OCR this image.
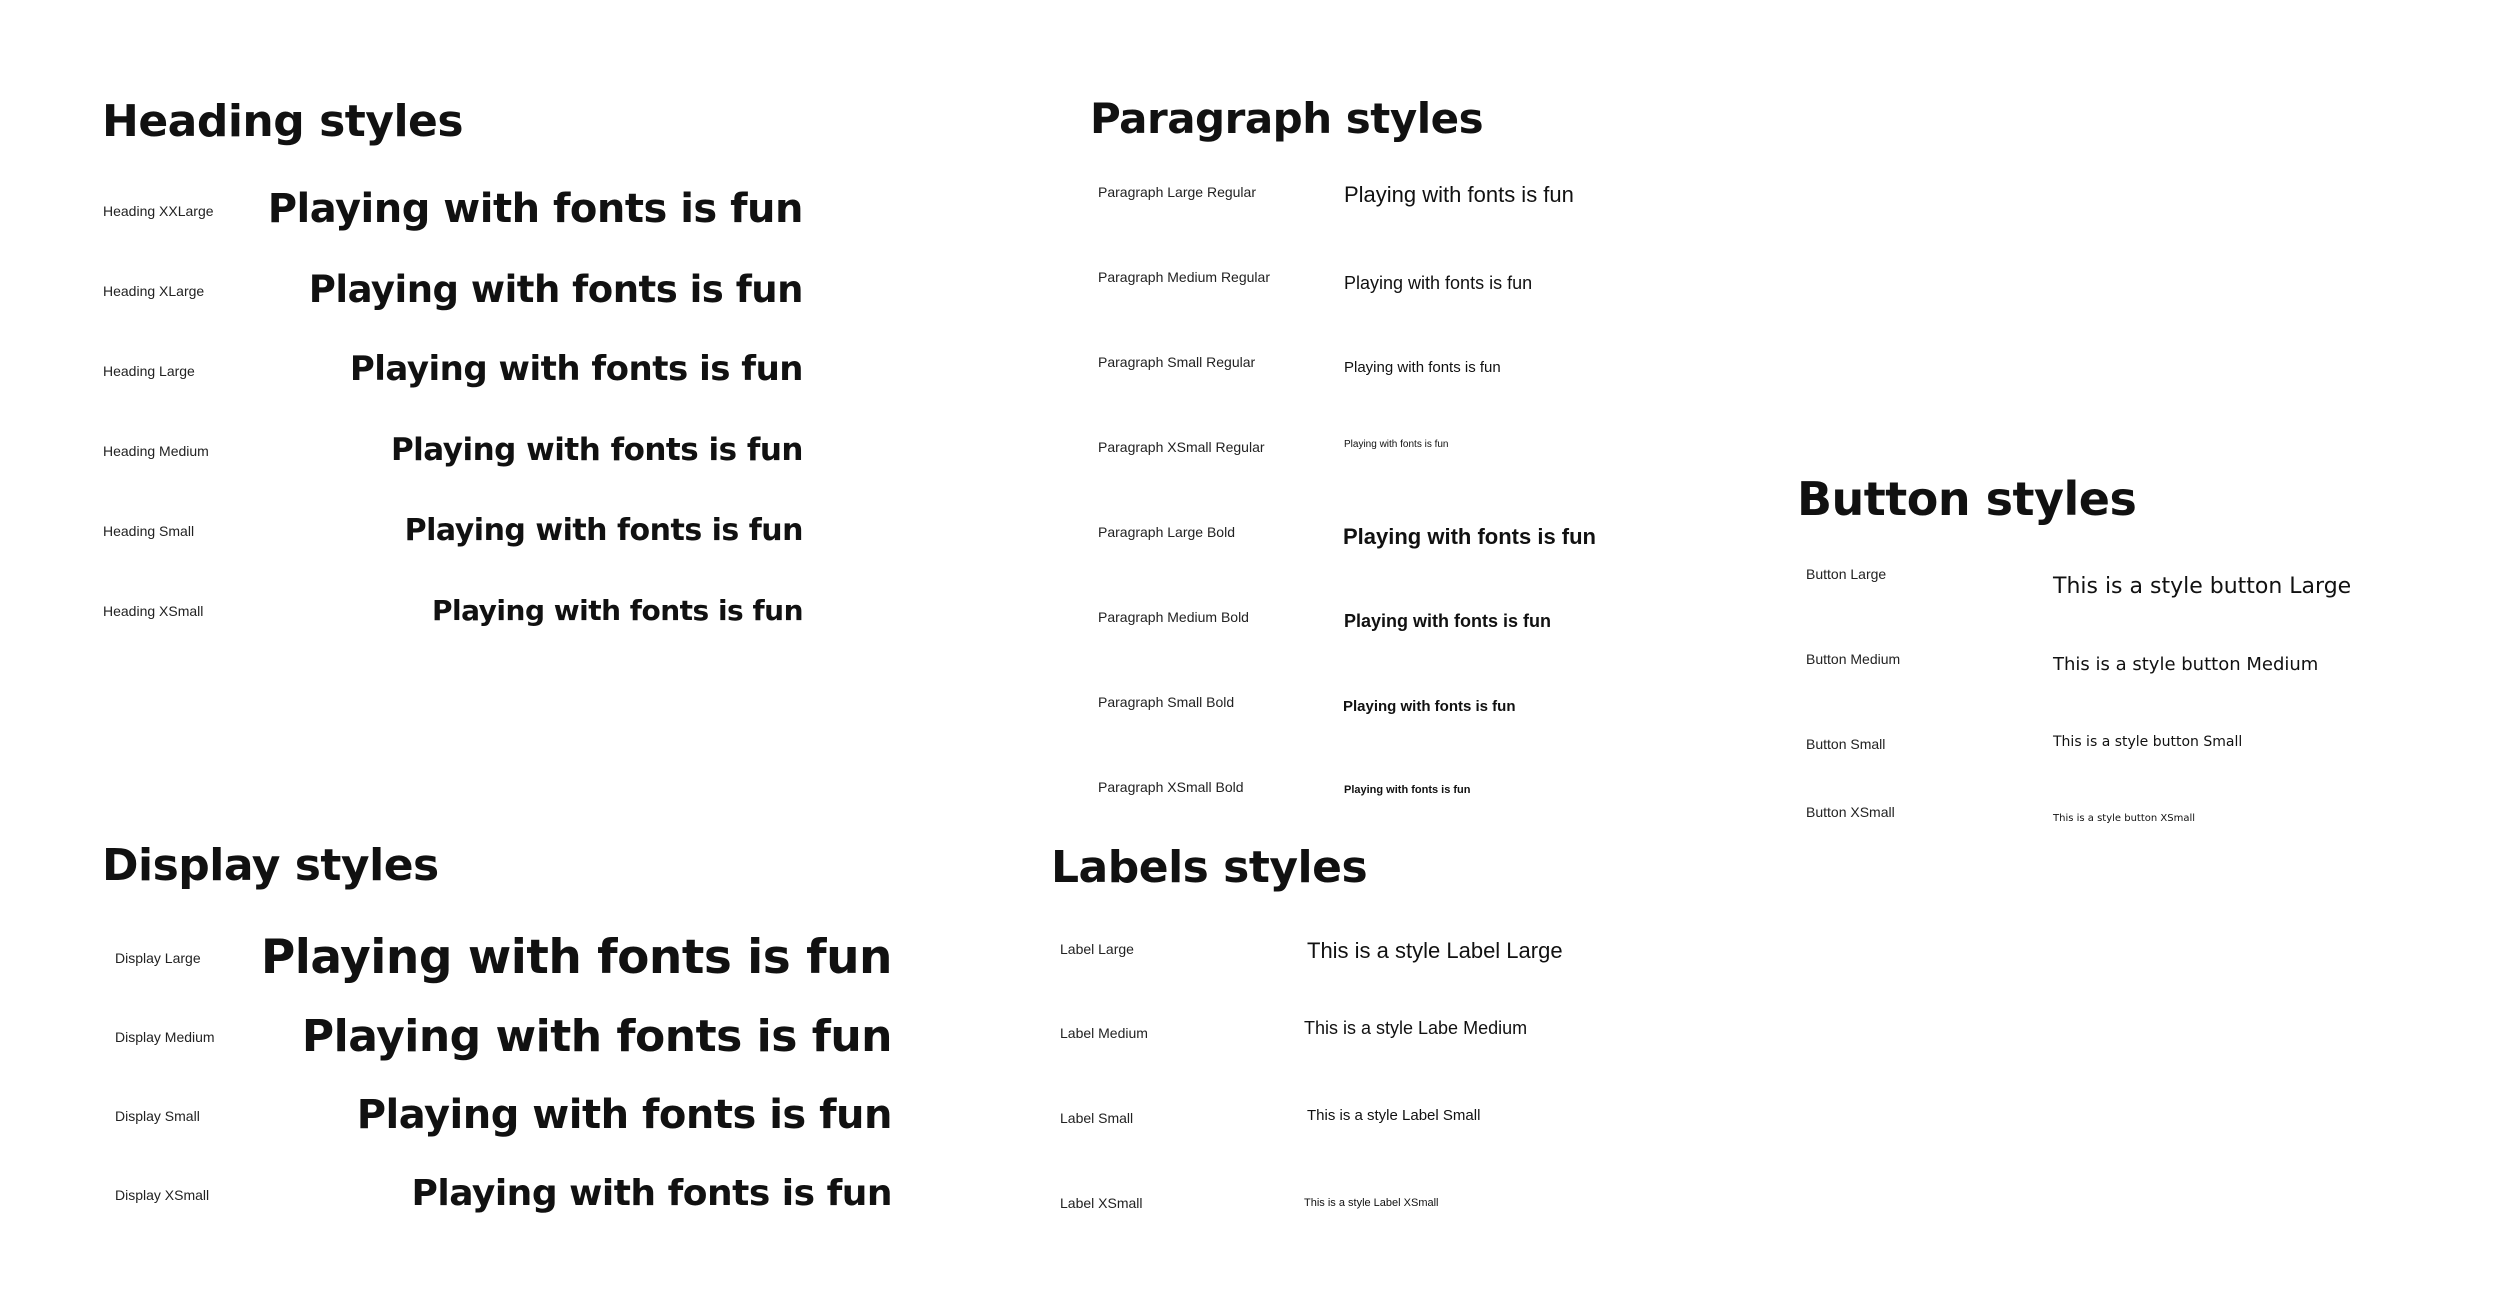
Heading styles
Heading XXLarge Playing with fonts is fun
Heading XLarge	Playing with fonts is fun
Heading Large	Playing with fonts is fun
Heading Medium	Playing with fonts is fun
Heading Small	Playing with fonts is fun
Heading XSmall	Playing with fonts is fun
Paragraph styles
Paragraph Large Regular	Playing with fonts is fun
Paragraph Medium Regular	Playing with fonts is fun
Paragraph Small Regular	Playing with fonts is fun
Paragraph XSmall Regular	Playing with fonts is fun
Paragraph Large Bold	Playing with fonts is fun
Paragraph Medium Bold	Playing with fonts is fun
Paragraph Small Bold	Playing with fonts is fun
Paragraph XSmall Bold	Playing with fonts is fun
Button styles
Button Large	This is a style button Large
Button Medium	This is a style button Medium
Button Small	This is a style button Small
Button XSmall	This is a style button XSmall
Display styles
Display Large Playing with fonts is fun
Display Medium Playing with fonts is fun
Display Small	Playing with fonts is fun
Display XSmall	Playing with fonts is fun
Labels styles
Label Large	This is a style Label Large
Label Medium	This is a style Labe Medium
Label Small	This is a style Label Small
Label XSmall	This is a style Label XSmall
